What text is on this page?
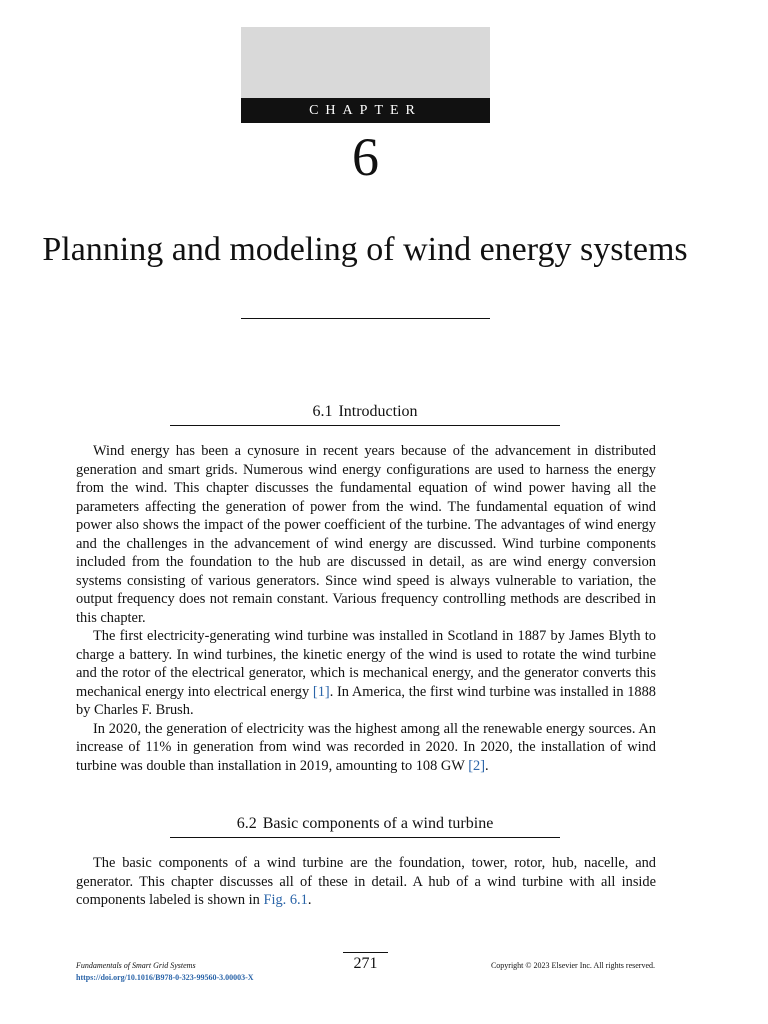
CHAPTER
6
Planning and modeling of wind energy systems
6.1 Introduction

Wind energy has been a cynosure in recent years because of the advancement in distributed generation and smart grids. Numerous wind energy configurations are used to harness the energy from the wind. This chapter discusses the fundamental equation of wind power having all the parameters affecting the generation of power from the wind. The fundamental equation of wind power also shows the impact of the power coefficient of the turbine. The advantages of wind energy and the challenges in the advancement of wind energy are discussed. Wind turbine components included from the foundation to the hub are discussed in detail, as are wind energy conversion systems consisting of various generators. Since wind speed is always vulnerable to variation, the output frequency does not remain constant. Various frequency controlling methods are described in this chapter.

The first electricity-generating wind turbine was installed in Scotland in 1887 by James Blyth to charge a battery. In wind turbines, the kinetic energy of the wind is used to rotate the wind turbine and the rotor of the electrical generator, which is mechanical energy, and the generator converts this mechanical energy into electrical energy [1]. In America, the first wind turbine was installed in 1888 by Charles F. Brush.

In 2020, the generation of electricity was the highest among all the renewable energy sources. An increase of 11% in generation from wind was recorded in 2020. In 2020, the installation of wind turbine was double than installation in 2019, amounting to 108 GW [2].

6.2 Basic components of a wind turbine

The basic components of a wind turbine are the foundation, tower, rotor, hub, nacelle, and generator. This chapter discusses all of these in detail. A hub of a wind turbine with all inside components labeled is shown in Fig. 6.1.

Fundamentals of Smart Grid Systems
https://doi.org/10.1016/B978-0-323-99560-3.00003-X
271	Copyright © 2023 Elsevier Inc. All rights reserved.
